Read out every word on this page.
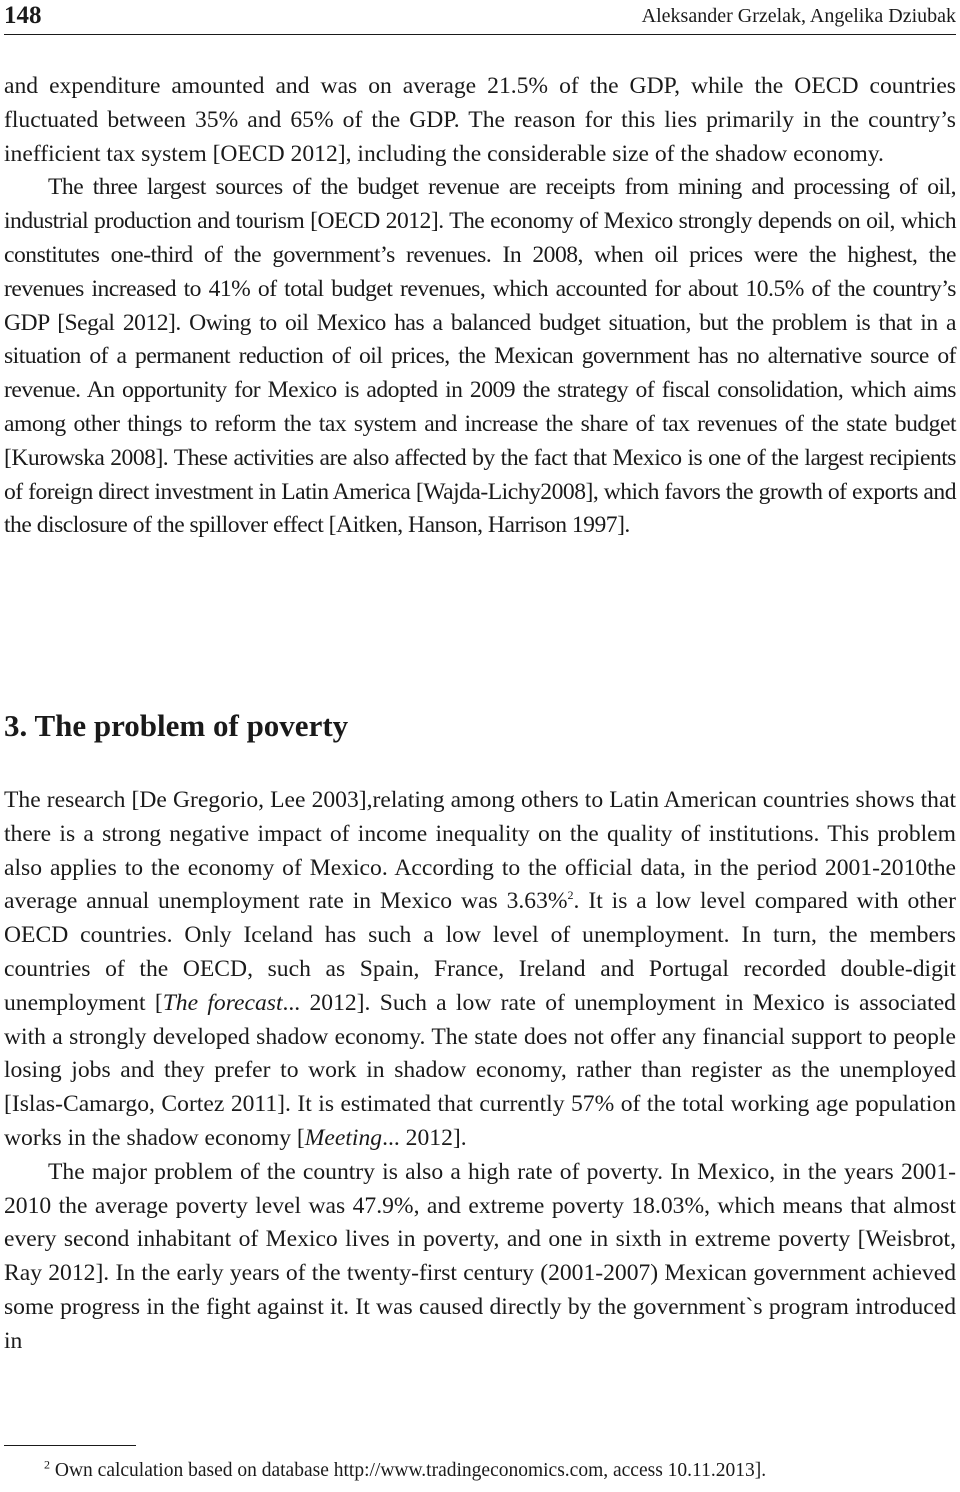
148	Aleksander Grzelak, Angelika Dziubak

and expenditure amounted and was on average 21.5% of the GDP, while the OECD countries fluctuated between 35% and 65% of the GDP. The reason for this lies primarily in the country’s inefficient tax system [OECD 2012], including the considerable size of the shadow economy.

The three largest sources of the budget revenue are receipts from mining and processing of oil, industrial production and tourism [OECD 2012]. The economy of Mexico strongly depends on oil, which constitutes one-third of the government’s revenues. In 2008, when oil prices were the highest, the revenues increased to 41% of total budget revenues, which accounted for about 10.5% of the country’s GDP [Segal 2012]. Owing to oil Mexico has a balanced budget situation, but the problem is that in a situation of a permanent reduction of oil prices, the Mexican government has no alternative source of revenue. An opportunity for Mexico is adopted in 2009 the strategy of fiscal consolidation, which aims among other things to reform the tax system and increase the share of tax revenues of the state budget [Kurowska 2008]. These activities are also affected by the fact that Mexico is one of the largest recipients of foreign direct investment in Latin America [Wajda-Lichy2008], which favors the growth of exports and the disclosure of the spillover effect [Aitken, Hanson, Harrison 1997].

3. The problem of poverty

The research [De Gregorio, Lee 2003],relating among others to Latin American countries shows that there is a strong negative impact of income inequality on the quality of institutions. This problem also applies to the economy of Mexico. According to the official data, in the period 2001-2010the average annual unemployment rate in Mexico was 3.63%$^2$. It is a low level compared with other OECD countries. Only Iceland has such a low level of unemployment. In turn, the members countries of the OECD, such as Spain, France, Ireland and Portugal recorded double-digit unemployment [The forecast... 2012]. Such a low rate of unemployment in Mexico is associated with a strongly developed shadow economy. The state does not offer any financial support to people losing jobs and they prefer to work in shadow economy, rather than register as the unemployed [Islas-Camargo, Cortez 2011]. It is estimated that currently 57% of the total working age population works in the shadow economy [Meeting... 2012].

The major problem of the country is also a high rate of poverty. In Mexico, in the years 2001-2010 the average poverty level was 47.9%, and extreme poverty 18.03%, which means that almost every second inhabitant of Mexico lives in poverty, and one in sixth in extreme poverty [Weisbrot, Ray 2012]. In the early years of the twenty-first century (2001-2007) Mexican government achieved some progress in the fight against it. It was caused directly by the government`s program introduced in

$^2$ Own calculation based on database http://www.tradingeconomics.com, access 10.11.2013].
